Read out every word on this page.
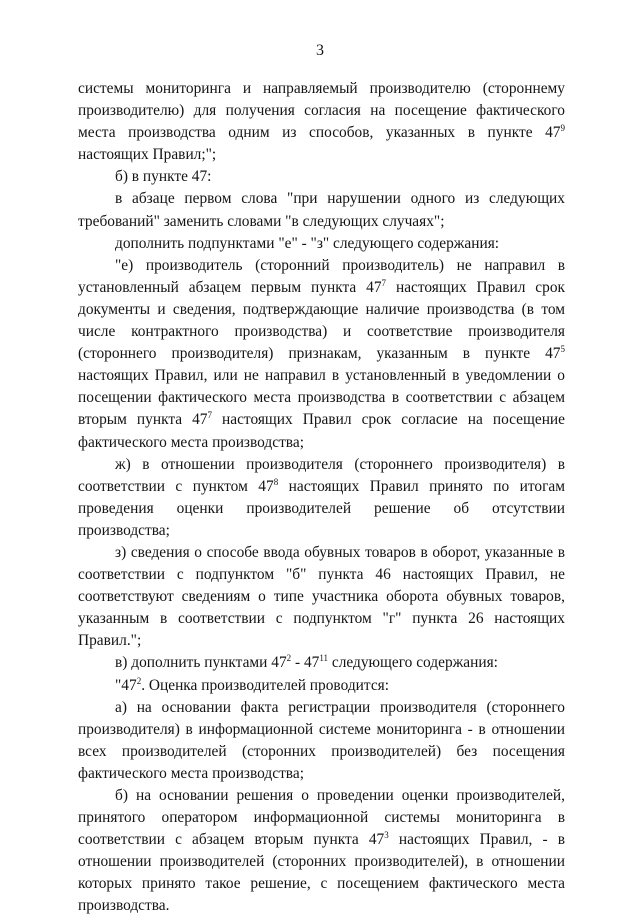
3

системы мониторинга и направляемый производителю (стороннему производителю) для получения согласия на посещение фактического места производства одним из способов, указанных в пункте $47^9$ настоящих Правил;";

б) в пункте 47:

в абзаце первом слова "при нарушении одного из следующих требований" заменить словами "в следующих случаях";

дополнить подпунктами "е" - "з" следующего содержания:

"е) производитель (сторонний производитель) не направил в установленный абзацем первым пункта $47^7$ настоящих Правил срок документы и сведения, подтверждающие наличие производства (в том числе контрактного производства) и соответствие производителя (стороннего производителя) признакам, указанным в пункте $47^5$ настоящих Правил, или не направил в установленный в уведомлении о посещении фактического места производства в соответствии с абзацем вторым пункта $47^7$ настоящих Правил срок согласие на посещение фактического места производства;

ж) в отношении производителя (стороннего производителя) в соответствии с пунктом $47^8$ настоящих Правил принято по итогам проведения оценки производителей решение об отсутствии производства;

з) сведения о способе ввода обувных товаров в оборот, указанные в соответствии с подпунктом "б" пункта 46 настоящих Правил, не соответствуют сведениям о типе участника оборота обувных товаров, указанным в соответствии с подпунктом "г" пункта 26 настоящих Правил.";

в) дополнить пунктами $47^2 - 47^{11}$ следующего содержания:

"$47^2$. Оценка производителей проводится:

а) на основании факта регистрации производителя (стороннего производителя) в информационной системе мониторинга - в отношении всех производителей (сторонних производителей) без посещения фактического места производства;

б) на основании решения о проведении оценки производителей, принятого оператором информационной системы мониторинга в соответствии с абзацем вторым пункта $47^3$ настоящих Правил, - в отношении производителей (сторонних производителей), в отношении которых принято такое решение, с посещением фактического места производства.
